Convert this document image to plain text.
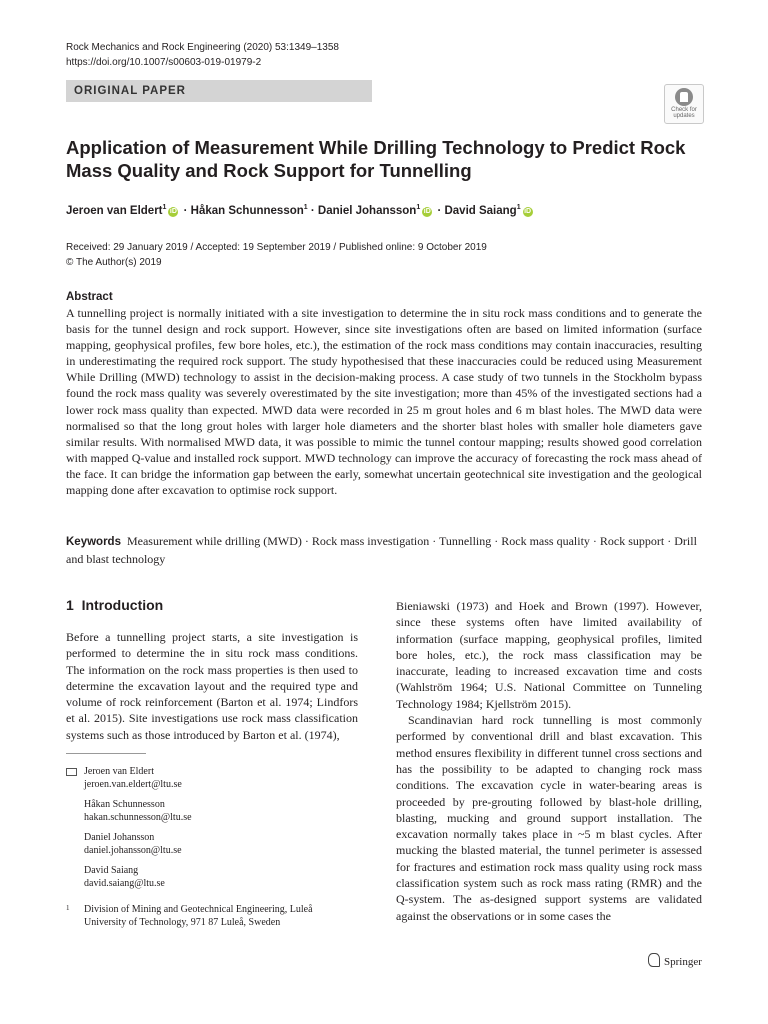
Rock Mechanics and Rock Engineering (2020) 53:1349–1358
https://doi.org/10.1007/s00603-019-01979-2
ORIGINAL PAPER
Check for
updates
Application of Measurement While Drilling Technology to Predict Rock Mass Quality and Rock Support for Tunnelling
Jeroen van Eldert$^1$iD · Håkan Schunnesson$^1$ · Daniel Johansson$^1$iD · David Saiang$^1$iD
Received: 29 January 2019 / Accepted: 19 September 2019 / Published online: 9 October 2019
© The Author(s) 2019
Abstract
A tunnelling project is normally initiated with a site investigation to determine the in situ rock mass conditions and to generate the basis for the tunnel design and rock support. However, since site investigations often are based on limited information (surface mapping, geophysical profiles, few bore holes, etc.), the estimation of the rock mass conditions may contain inaccuracies, resulting in underestimating the required rock support. The study hypothesised that these inaccuracies could be reduced using Measurement While Drilling (MWD) technology to assist in the decision-making process. A case study of two tunnels in the Stockholm bypass found the rock mass quality was severely overestimated by the site investigation; more than 45% of the investigated sections had a lower rock mass quality than expected. MWD data were recorded in 25 m grout holes and 6 m blast holes. The MWD data were normalised so that the long grout holes with larger hole diameters and the shorter blast holes with smaller hole diameters gave similar results. With normalised MWD data, it was possible to mimic the tunnel contour mapping; results showed good correlation with mapped Q-value and installed rock support. MWD technology can improve the accuracy of forecasting the rock mass ahead of the face. It can bridge the information gap between the early, somewhat uncertain geotechnical site investigation and the geological mapping done after excavation to optimise rock support.
Keywords Measurement while drilling (MWD) · Rock mass investigation · Tunnelling · Rock mass quality · Rock support · Drill and blast technology
1 Introduction
Before a tunnelling project starts, a site investigation is performed to determine the in situ rock mass conditions. The information on the rock mass properties is then used to determine the excavation layout and the required type and volume of rock reinforcement (Barton et al. 1974; Lindfors et al. 2015). Site investigations use rock mass classification systems such as those introduced by Barton et al. (1974),

Bieniawski (1973) and Hoek and Brown (1997). However, since these systems often have limited availability of information (surface mapping, geophysical profiles, limited bore holes, etc.), the rock mass classification may be inaccurate, leading to increased excavation time and costs (Wahlström 1964; U.S. National Committee on Tunneling Technology 1984; Kjellström 2015).

Scandinavian hard rock tunnelling is most commonly performed by conventional drill and blast excavation. This method ensures flexibility in different tunnel cross sections and has the possibility to be adapted to changing rock mass conditions. The excavation cycle in water-bearing areas is proceeded by pre-grouting followed by blast-hole drilling, blasting, mucking and ground support installation. The excavation normally takes place in ~5 m blast cycles. After mucking the blasted material, the tunnel perimeter is assessed for fractures and estimation rock mass quality using rock mass classification system such as rock mass rating (RMR) and the Q-system. The as-designed support systems are validated against the observations or in some cases the

Jeroen van Eldert
jeroen.van.eldert@ltu.se
Håkan Schunnesson
hakan.schunnesson@ltu.se
Daniel Johansson
daniel.johansson@ltu.se
David Saiang
david.saiang@ltu.se
1 Division of Mining and Geotechnical Engineering, Luleå
University of Technology, 971 87 Luleå, Sweden
Springer
